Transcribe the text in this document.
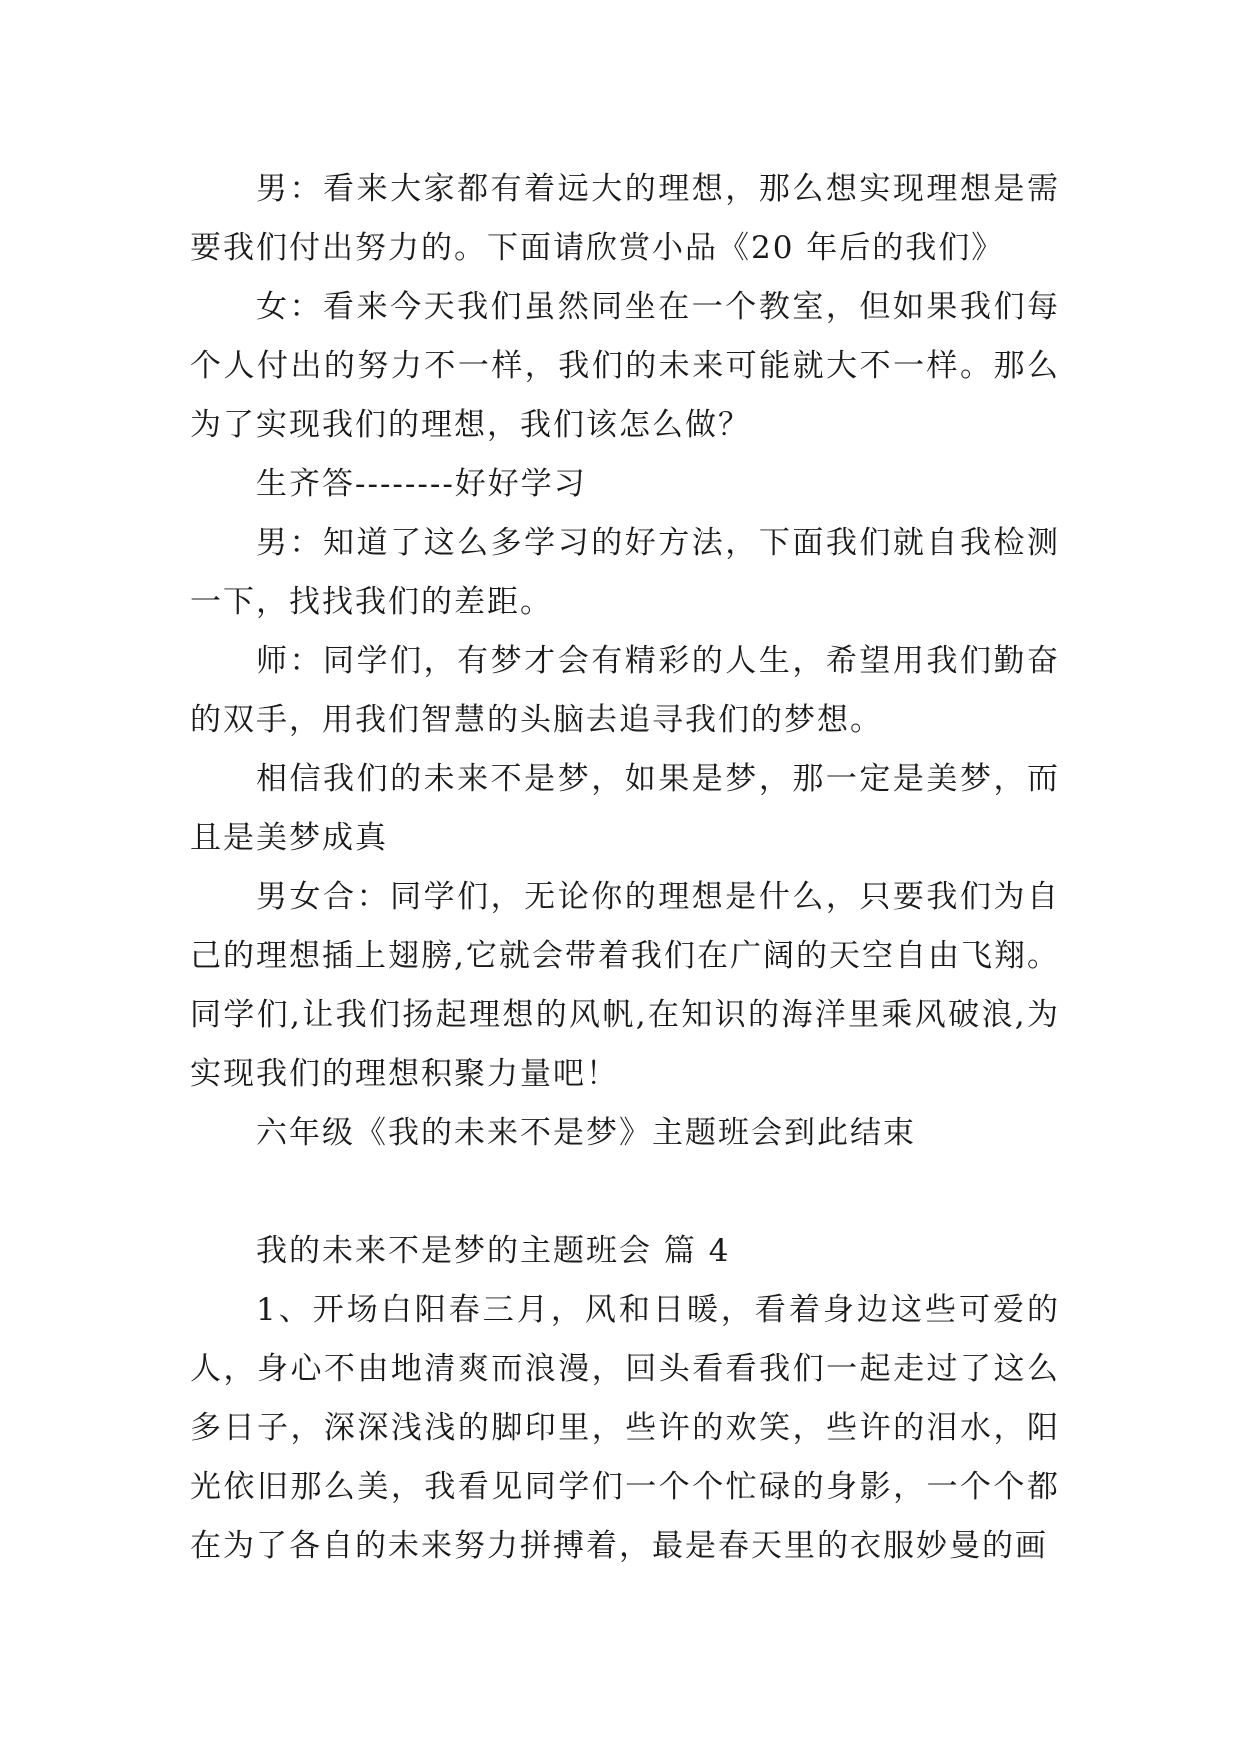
男：看来大家都有着远大的理想，那么想实现理想是需要我们付出努力的。下面请欣赏小品《20 年后的我们》

女：看来今天我们虽然同坐在一个教室，但如果我们每个人付出的努力不一样，我们的未来可能就大不一样。那么为了实现我们的理想，我们该怎么做？

生齐答--------好好学习

男：知道了这么多学习的好方法，下面我们就自我检测一下，找找我们的差距。

师：同学们，有梦才会有精彩的人生，希望用我们勤奋的双手，用我们智慧的头脑去追寻我们的梦想。

相信我们的未来不是梦，如果是梦，那一定是美梦，而且是美梦成真

男女合：同学们，无论你的理想是什么，只要我们为自己的理想插上翅膀,它就会带着我们在广阔的天空自由飞翔。同学们,让我们扬起理想的风帆,在知识的海洋里乘风破浪,为实现我们的理想积聚力量吧！

六年级《我的未来不是梦》主题班会到此结束

我的未来不是梦的主题班会 篇 4

1、开场白阳春三月，风和日暖，看着身边这些可爱的人，身心不由地清爽而浪漫，回头看看我们一起走过了这么多日子，深深浅浅的脚印里，些许的欢笑，些许的泪水，阳光依旧那么美，我看见同学们一个个忙碌的身影，一个个都在为了各自的未来努力拼搏着，最是春天里的衣服妙曼的画
